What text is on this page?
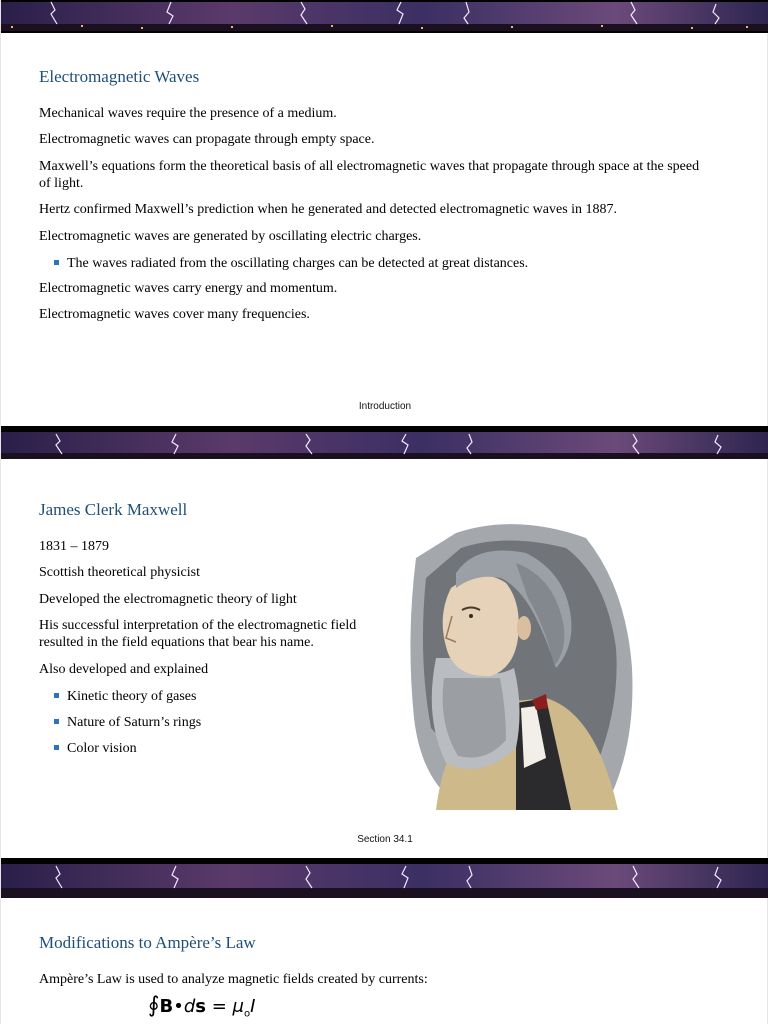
Electromagnetic Waves

Mechanical waves require the presence of a medium.

Electromagnetic waves can propagate through empty space.

Maxwell’s equations form the theoretical basis of all electromagnetic waves that propagate through space at the speed

of light.

Hertz confirmed Maxwell’s prediction when he generated and detected electromagnetic waves in 1887.

Electromagnetic waves are generated by oscillating electric charges.

The waves radiated from the oscillating charges can be detected at great distances.

Electromagnetic waves carry energy and momentum.

Electromagnetic waves cover many frequencies.

Introduction
James Clerk Maxwell

1831 – 1879

Scottish theoretical physicist

Developed the electromagnetic theory of light

His successful interpretation of the electromagnetic field

resulted in the field equations that bear his name.

Also developed and explained

Kinetic theory of gases

Nature of Saturn’s rings

Color vision

Section 34.1
Modifications to Ampère’s Law

Ampère’s Law is used to analyze magnetic fields created by currents:

∮B•ds = $\mu_oI$
